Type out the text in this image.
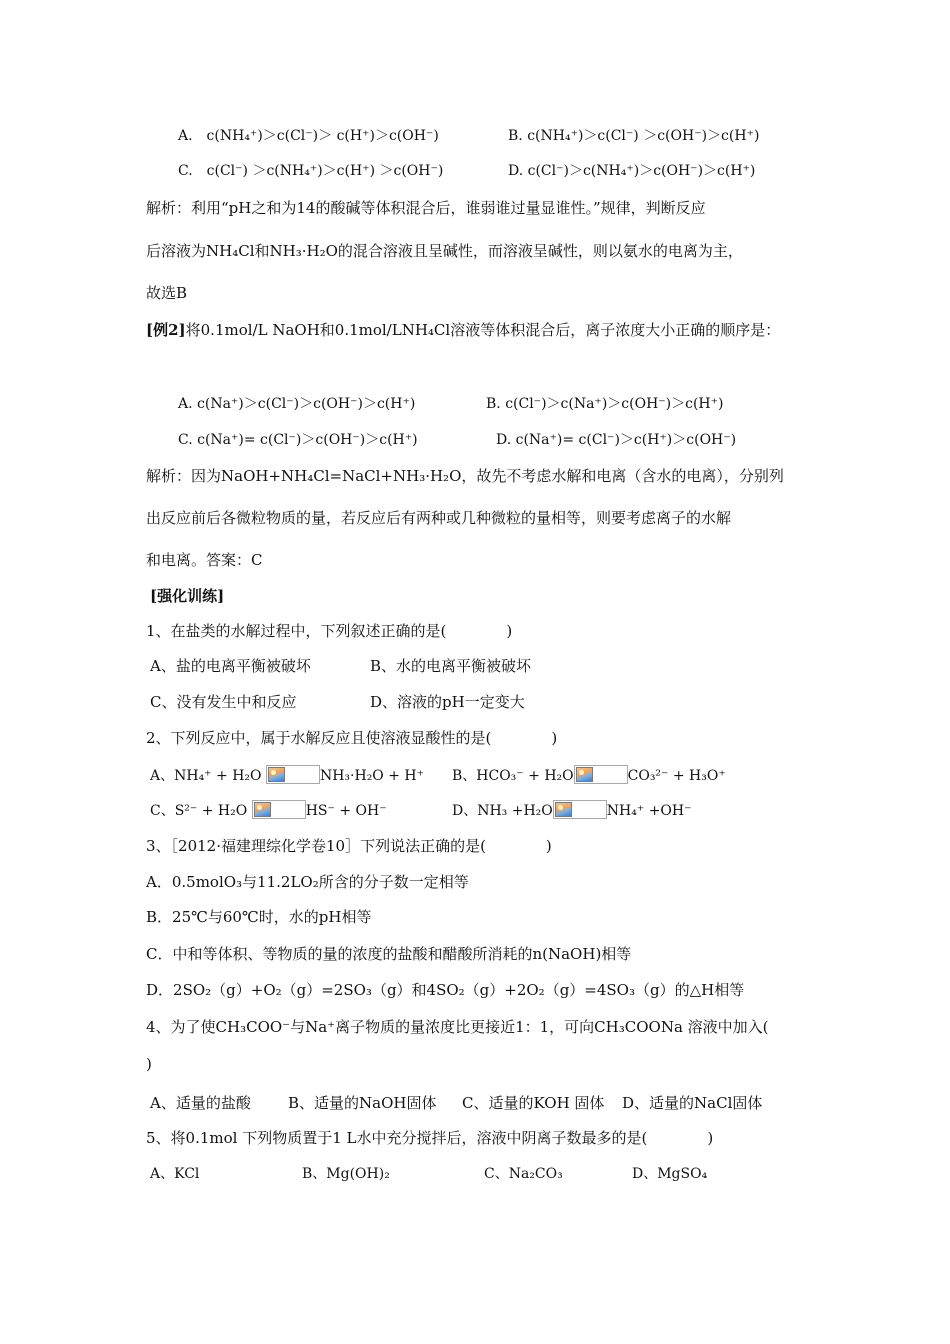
A.　c(NH₄⁺)＞c(Cl⁻)＞ c(H⁺)＞c(OH⁻)	B. c(NH₄⁺)＞c(Cl⁻) ＞c(OH⁻)＞c(H⁺)
C.　c(Cl⁻) ＞c(NH₄⁺)＞c(H⁺) ＞c(OH⁻)	D. c(Cl⁻)＞c(NH₄⁺)＞c(OH⁻)＞c(H⁺)
解析：利用“pH之和为14的酸碱等体积混合后，谁弱谁过量显谁性。”规律，判断反应
后溶液为NH₄Cl和NH₃·H₂O的混合溶液且呈碱性，而溶液呈碱性，则以氨水的电离为主，
故选B
[例2]将0.1mol/L NaOH和0.1mol/LNH₄Cl溶液等体积混合后，离子浓度大小正确的顺序是：
A. c(Na⁺)＞c(Cl⁻)＞c(OH⁻)＞c(H⁺)	B. c(Cl⁻)＞c(Na⁺)＞c(OH⁻)＞c(H⁺)
C. c(Na⁺)= c(Cl⁻)＞c(OH⁻)＞c(H⁺)	D. c(Na⁺)= c(Cl⁻)＞c(H⁺)＞c(OH⁻)
解析：因为NaOH+NH₄Cl=NaCl+NH₃·H₂O，故先不考虑水解和电离（含水的电离），分别列
出反应前后各微粒物质的量，若反应后有两种或几种微粒的量相等，则要考虑离子的水解
和电离。答案：C
[强化训练]
1、在盐类的水解过程中，下列叙述正确的是(　　　　)
A、盐的电离平衡被破坏	B、水的电离平衡被破坏
C、没有发生中和反应	D、溶液的pH一定变大
2、下列反应中，属于水解反应且使溶液显酸性的是(　　　　)
A、NH₄⁺ + H₂O	NH₃·H₂O + H⁺ B、HCO₃⁻ + H₂O	CO₃²⁻ + H₃O⁺
C、S²⁻ + H₂O	HS⁻ + OH⁻	D、NH₃ +H₂O	NH₄⁺ +OH⁻
3、［2012·福建理综化学卷10］下列说法正确的是(　　　　)
A．0.5molO₃与11.2LO₂所含的分子数一定相等
B．25℃与60℃时，水的pH相等
C．中和等体积、等物质的量的浓度的盐酸和醋酸所消耗的n(NaOH)相等
D．2SO₂（g）+O₂（g）=2SO₃（g）和4SO₂（g）+2O₂（g）=4SO₃（g）的△H相等
4、为了使CH₃COO⁻与Na⁺离子物质的量浓度比更接近1：1，可向CH₃COONa 溶液中加入(
)
A、适量的盐酸 B、适量的NaOH固体 C、适量的KOH 固体 D、适量的NaCl固体
5、将0.1mol 下列物质置于1 L水中充分搅拌后，溶液中阴离子数最多的是(　　　　)
A、KCl	B、Mg(OH)₂	C、Na₂CO₃	D、MgSO₄
